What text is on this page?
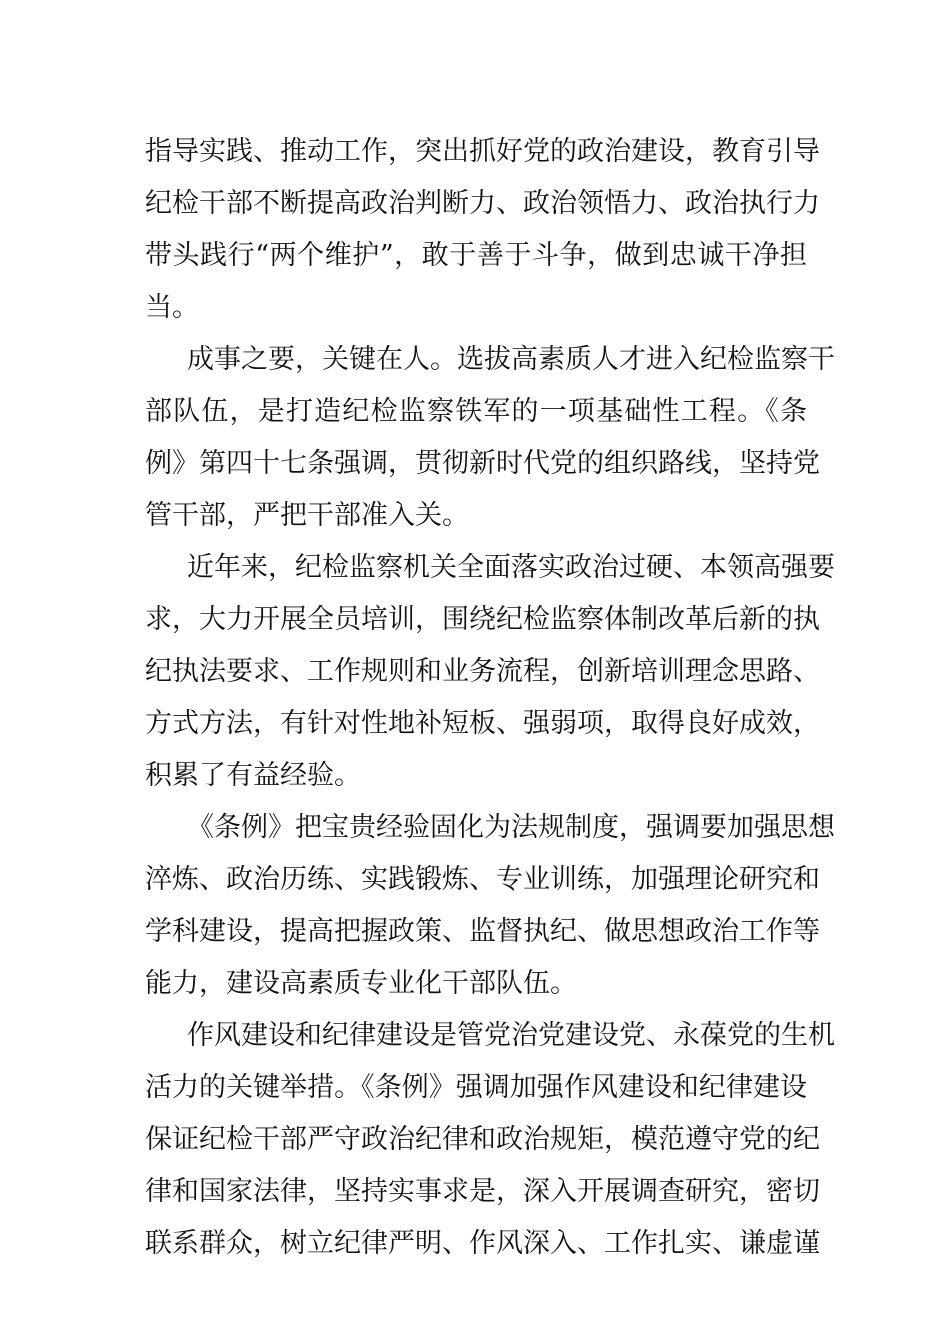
指导实践、推动工作，突出抓好党的政治建设，教育引导
纪检干部不断提高政治判断力、政治领悟力、政治执行力
带头践行“两个维护”，敢于善于斗争，做到忠诚干净担
当。
成事之要，关键在人。选拔高素质人才进入纪检监察干
部队伍，是打造纪检监察铁军的一项基础性工程。《条
例》第四十七条强调，贯彻新时代党的组织路线，坚持党
管干部，严把干部准入关。
近年来，纪检监察机关全面落实政治过硬、本领高强要
求，大力开展全员培训，围绕纪检监察体制改革后新的执
纪执法要求、工作规则和业务流程，创新培训理念思路、
方式方法，有针对性地补短板、强弱项，取得良好成效，
积累了有益经验。
《条例》把宝贵经验固化为法规制度，强调要加强思想
淬炼、政治历练、实践锻炼、专业训练，加强理论研究和
学科建设，提高把握政策、监督执纪、做思想政治工作等
能力，建设高素质专业化干部队伍。
作风建设和纪律建设是管党治党建设党、永葆党的生机
活力的关键举措。《条例》强调加强作风建设和纪律建设
保证纪检干部严守政治纪律和政治规矩，模范遵守党的纪
律和国家法律，坚持实事求是，深入开展调查研究，密切
联系群众，树立纪律严明、作风深入、工作扎实、谦虚谨
